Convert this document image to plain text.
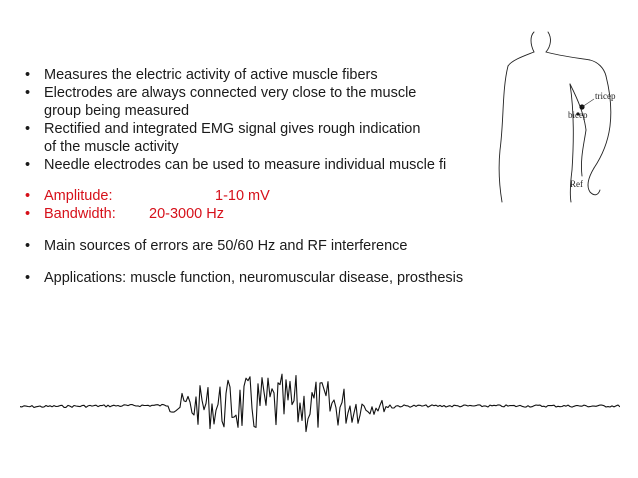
• Measures the electric activity of active muscle fibers
• Electrodes are always connected very close to the muscle
group being measured
• Rectified and integrated EMG signal gives rough indication
of the muscle activity
• Needle electrodes can be used to measure individual muscle fi
• Amplitude:	1-10 mV
• Bandwidth: 20-3000 Hz
• Main sources of errors are 50/60 Hz and RF interference
• Applications: muscle function, neuromuscular disease, prosthesis
tricep
bicep
Ref
